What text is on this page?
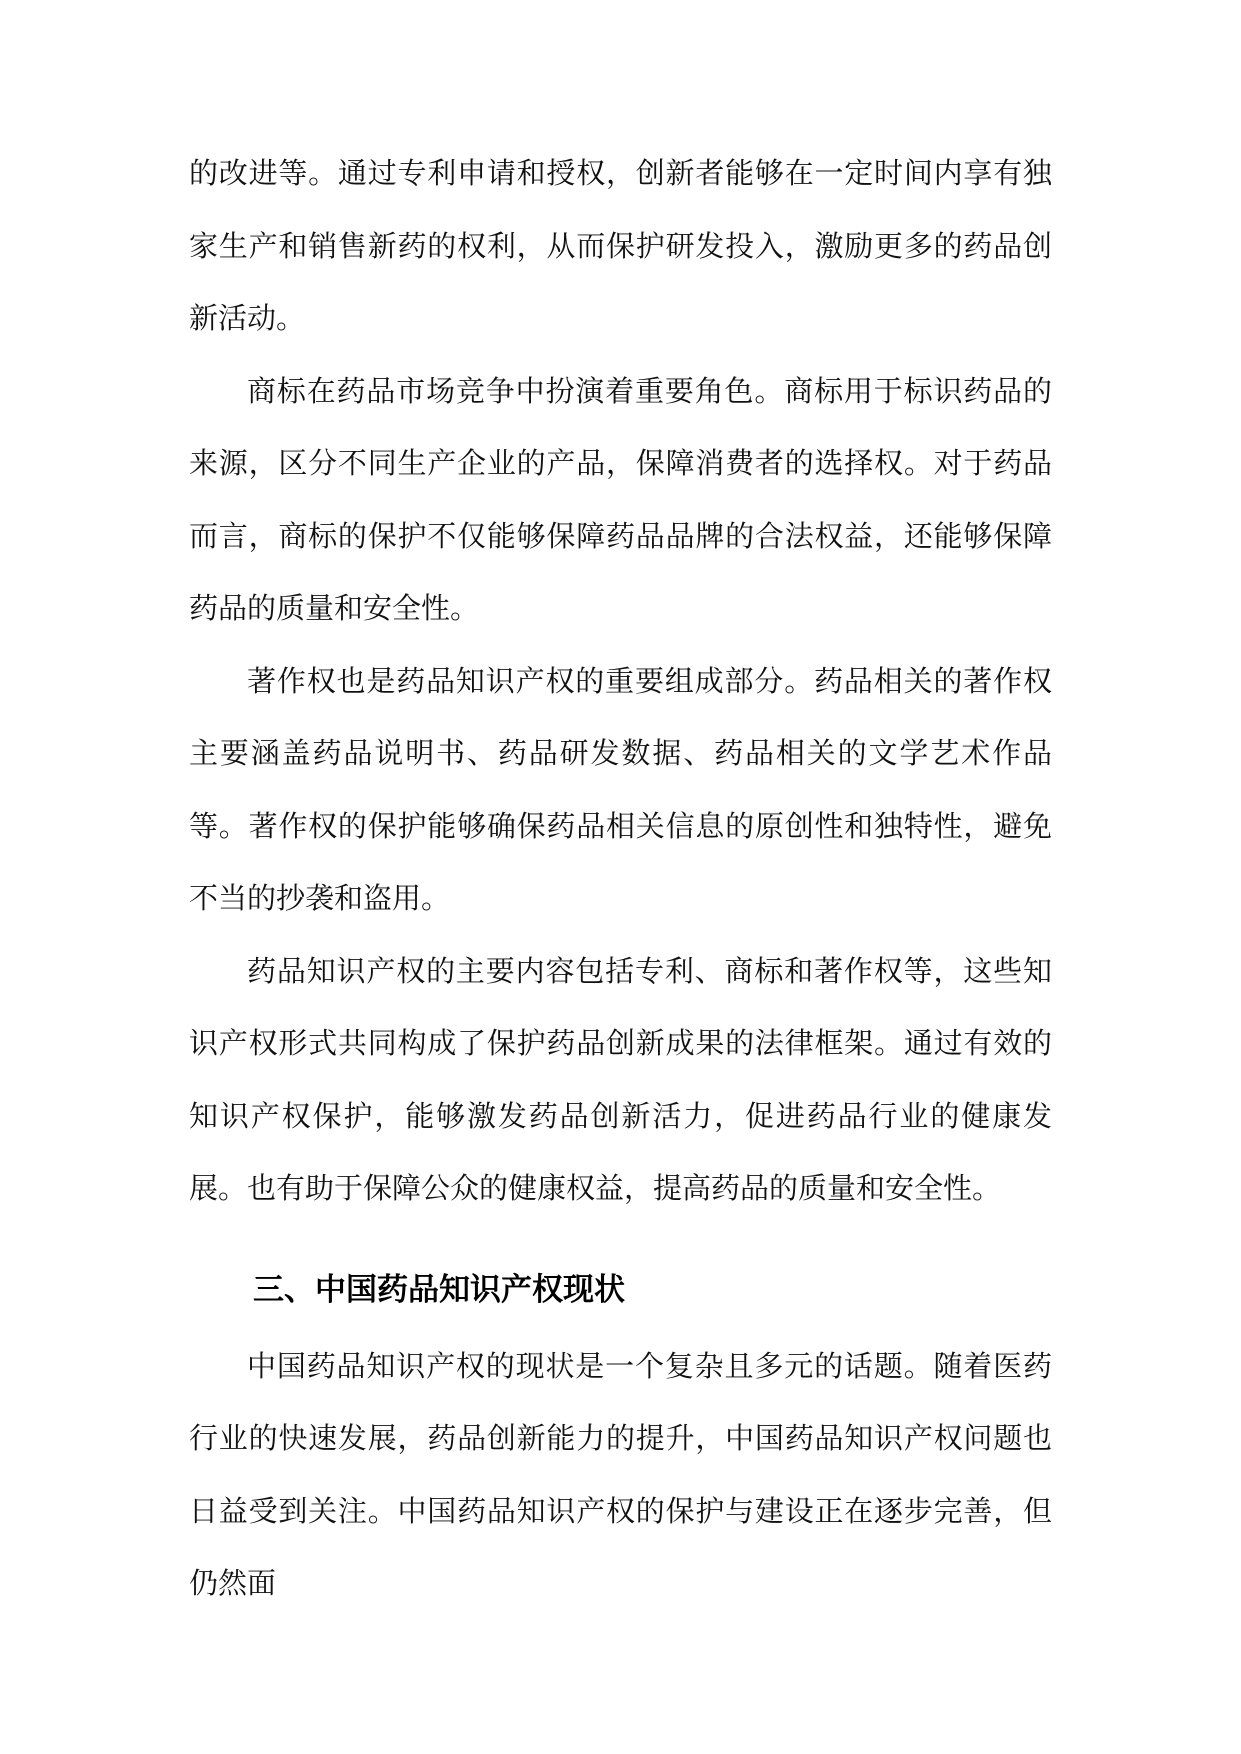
的改进等。通过专利申请和授权，创新者能够在一定时间内享有独家生产和销售新药的权利，从而保护研发投入，激励更多的药品创新活动。

商标在药品市场竞争中扮演着重要角色。商标用于标识药品的来源，区分不同生产企业的产品，保障消费者的选择权。对于药品而言，商标的保护不仅能够保障药品品牌的合法权益，还能够保障药品的质量和安全性。

著作权也是药品知识产权的重要组成部分。药品相关的著作权主要涵盖药品说明书、药品研发数据、药品相关的文学艺术作品等。著作权的保护能够确保药品相关信息的原创性和独特性，避免不当的抄袭和盗用。

药品知识产权的主要内容包括专利、商标和著作权等，这些知识产权形式共同构成了保护药品创新成果的法律框架。通过有效的知识产权保护，能够激发药品创新活力，促进药品行业的健康发展。也有助于保障公众的健康权益，提高药品的质量和安全性。

三、中国药品知识产权现状

中国药品知识产权的现状是一个复杂且多元的话题。随着医药行业的快速发展，药品创新能力的提升，中国药品知识产权问题也日益受到关注。中国药品知识产权的保护与建设正在逐步完善，但仍然面
